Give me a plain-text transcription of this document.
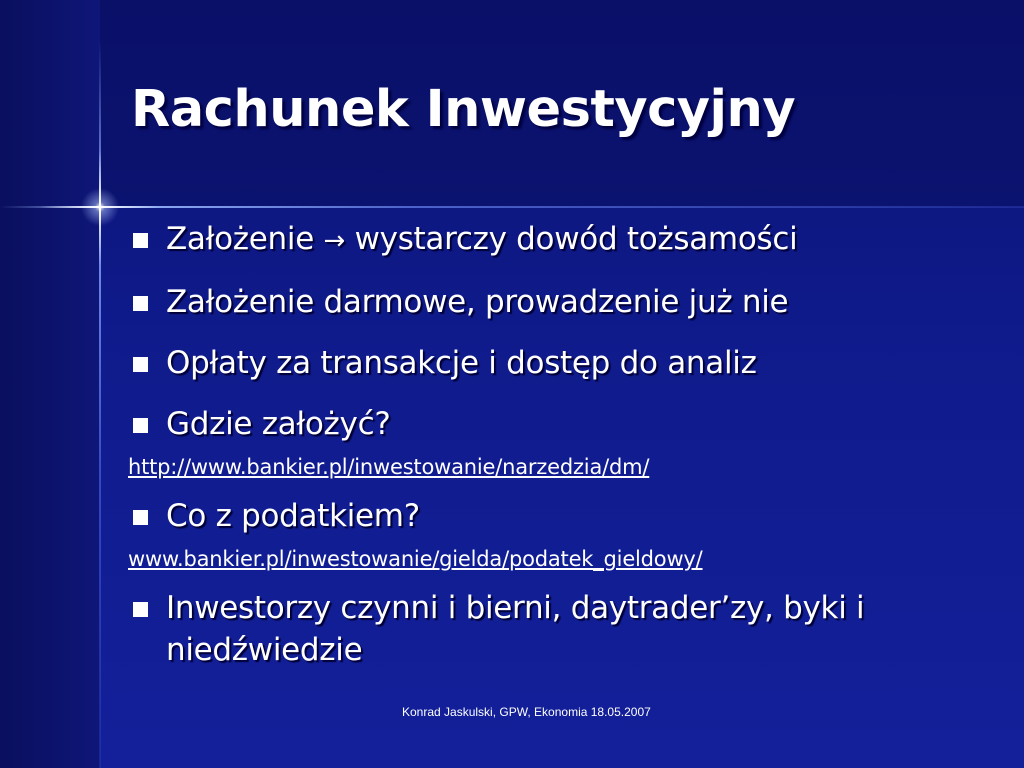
Rachunek Inwestycyjny
Założenie → wystarczy dowód tożsamości
Założenie darmowe, prowadzenie już nie
Opłaty za transakcje i dostęp do analiz
Gdzie założyć?
http://www.bankier.pl/inwestowanie/narzedzia/dm/
Co z podatkiem?
www.bankier.pl/inwestowanie/gielda/podatek_gieldowy/
Inwestorzy czynni i bierni, daytrader’zy, byki i niedźwiedzie
Konrad Jaskulski, GPW, Ekonomia 18.05.2007
